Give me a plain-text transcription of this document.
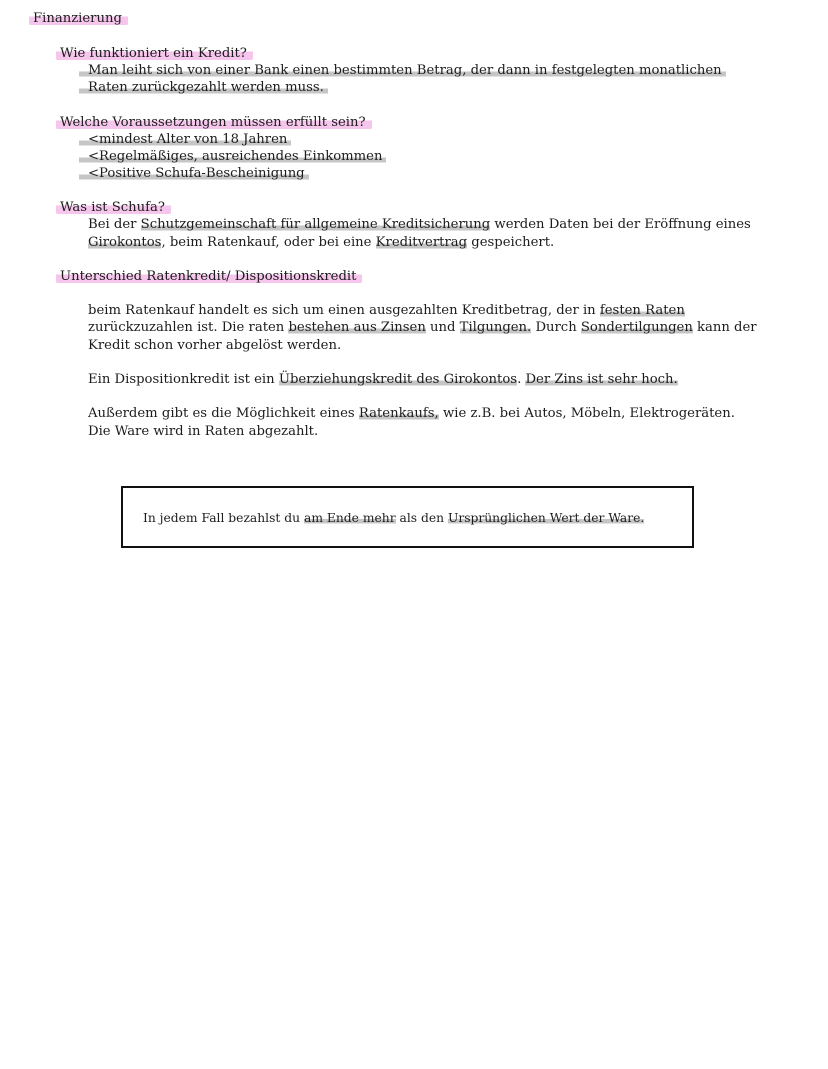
Finanzierung
Wie funktioniert ein Kredit?
Man leiht sich von einer Bank einen bestimmten Betrag, der dann in festgelegten monatlichen
Raten zurückgezahlt werden muss.
Welche Voraussetzungen müssen erfüllt sein?
<mindest Alter von 18 Jahren
<Regelmäßiges, ausreichendes Einkommen
<Positive Schufa-Bescheinigung
Was ist Schufa?
Bei der Schutzgemeinschaft für allgemeine Kreditsicherung werden Daten bei der Eröffnung eines
Girokontos, beim Ratenkauf, oder bei eine Kreditvertrag gespeichert.
Unterschied Ratenkredit/ Dispositionskredit
beim Ratenkauf handelt es sich um einen ausgezahlten Kreditbetrag, der in festen Raten
zurückzuzahlen ist. Die raten bestehen aus Zinsen und Tilgungen. Durch Sondertilgungen kann der
Kredit schon vorher abgelöst werden.
Ein Dispositionkredit ist ein Überziehungskredit des Girokontos. Der Zins ist sehr hoch.
Außerdem gibt es die Möglichkeit eines Ratenkaufs, wie z.B. bei Autos, Möbeln, Elektrogeräten.
Die Ware wird in Raten abgezahlt.
In jedem Fall bezahlst du am Ende mehr als den Ursprünglichen Wert der Ware.
